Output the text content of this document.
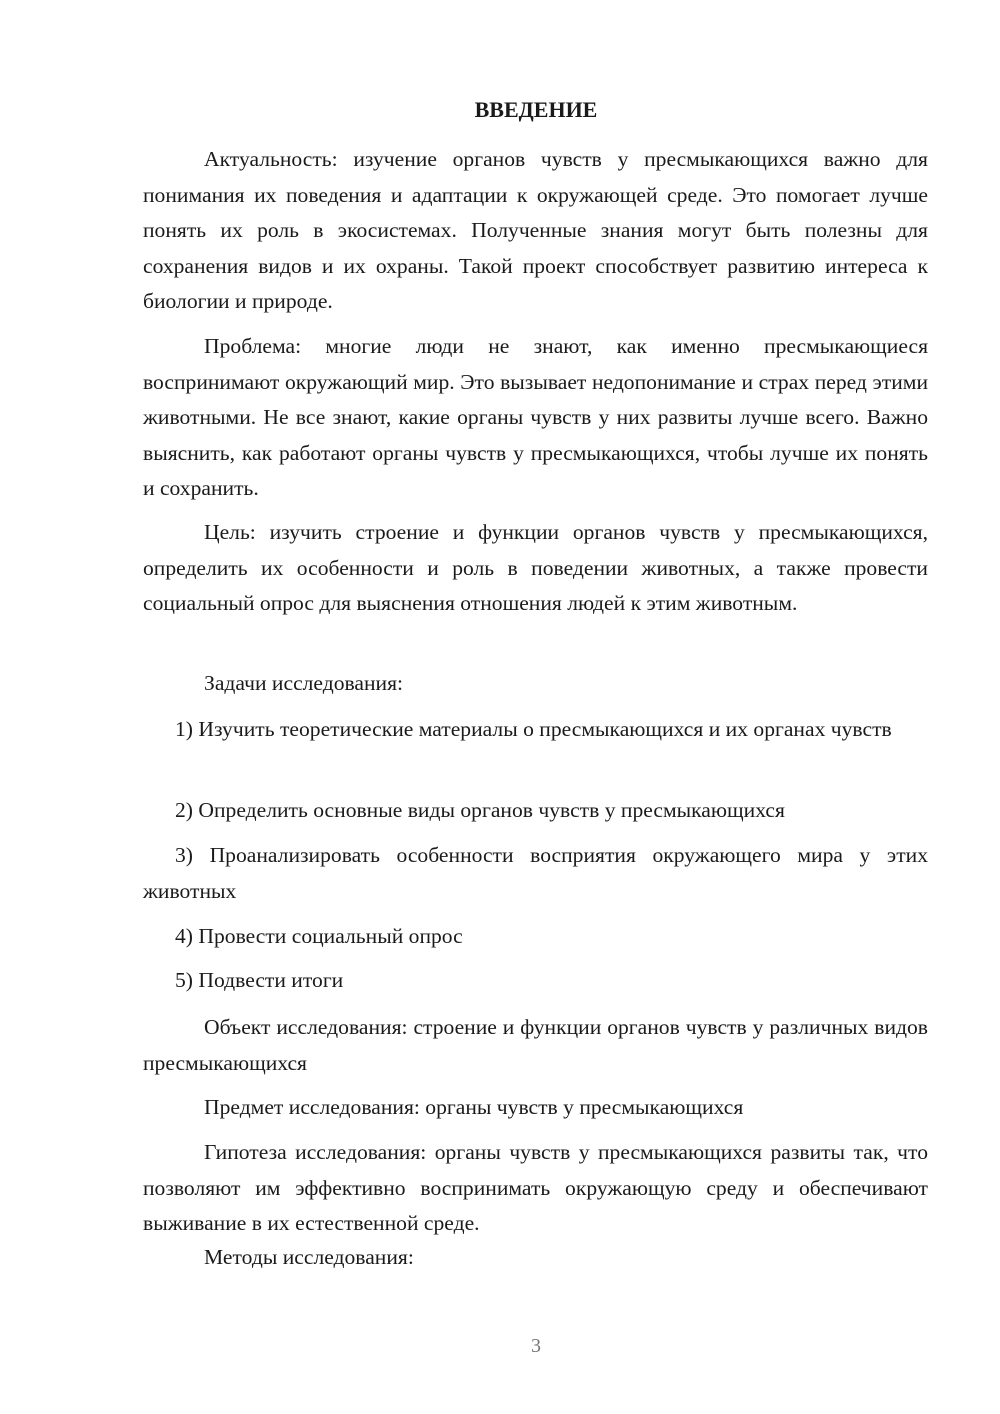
ВВЕДЕНИЕ

Актуальность: изучение органов чувств у пресмыкающихся важно для понимания их поведения и адаптации к окружающей среде. Это помогает лучше понять их роль в экосистемах. Полученные знания могут быть полезны для сохранения видов и их охраны. Такой проект способствует развитию интереса к биологии и природе.

Проблема: многие люди не знают, как именно пресмыкающиеся воспринимают окружающий мир. Это вызывает недопонимание и страх перед этими животными. Не все знают, какие органы чувств у них развиты лучше всего. Важно выяснить, как работают органы чувств у пресмыкающихся, чтобы лучше их понять и сохранить.

Цель: изучить строение и функции органов чувств у пресмыкающихся, определить их особенности и роль в поведении животных, а также провести социальный опрос для выяснения отношения людей к этим животным.

Задачи исследования:

1) Изучить теоретические материалы о пресмыкающихся и их органах чувств

2) Определить основные виды органов чувств у пресмыкающихся

3) Проанализировать особенности восприятия окружающего мира у этих животных

4) Провести социальный опрос

5) Подвести итоги

Объект исследования: строение и функции органов чувств у различных видов пресмыкающихся

Предмет исследования: органы чувств у пресмыкающихся

Гипотеза исследования: органы чувств у пресмыкающихся развиты так, что позволяют им эффективно воспринимать окружающую среду и обеспечивают выживание в их естественной среде.

Методы исследования:

3
